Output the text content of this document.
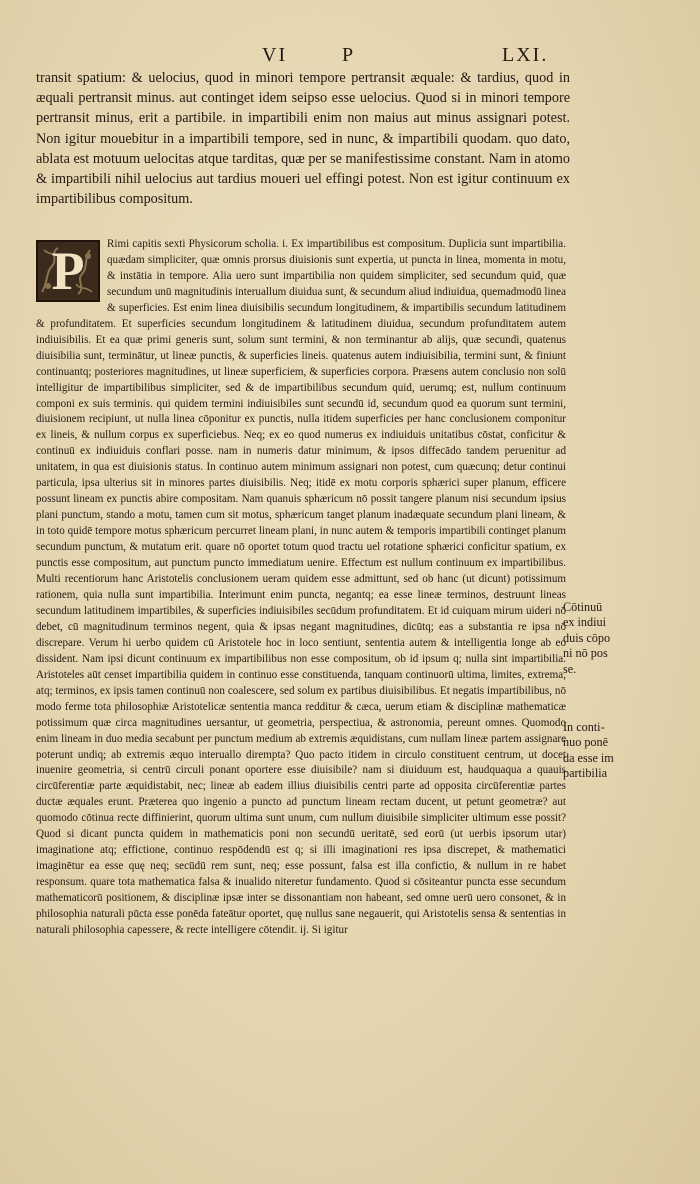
VI	P	LXI.

transit spatium: & uelocius, quod in minori tempore pertransit æquale: & tardius, quod in æquali pertransit minus. aut continget idem seipso esse uelocius. Quod si in minori tempore pertransit minus, erit a partibile. in impartibili enim non maius aut minus assignari potest. Non igitur mouebitur in a impartibili tempore, sed in nunc, & impartibili quodam. quo dato, ablata est motuum uelocitas atque tarditas, quæ per se manifestissime constant. Nam in atomo & impartibili nihil uelocius aut tardius moueri uel effingi potest. Non est igitur continuum ex impartibilibus compositum.

P	Rimi capitis sexti Physicorum scholia. i. Ex impartibilibus est compositum. Duplicia sunt impartibilia. quædam simpliciter, quæ omnis prorsus diuisionis sunt expertia, ut puncta in linea, momenta in motu, & instātia in tempore. Alia uero sunt impartibilia non quidem simpliciter, sed secundum quid, quæ secundum unū magnitudinis interuallum diuidua sunt, & secundum aliud indiuidua, quemadmodū linea & superficies. Est enim linea diuisibilis secundum longitudinem, & impartibilis secundum latitudinem & profunditatem. Et superficies secundum longitudinem & latitudinem diuidua, secundum profunditatem autem indiuisibilis. Et ea quæ primi generis sunt, solum sunt termini, & non terminantur ab alijs, quæ secundi, quatenus diuisibilia sunt, terminātur, ut lineæ punctis, & superficies lineis. quatenus autem indiuisibilia, termini sunt, & finiunt continuantq; posteriores magnitudines, ut lineæ superficiem, & superficies corpora. Præsens autem conclusio non solū intelligitur de impartibilibus simpliciter, sed & de impartibilibus secundum quid, uerumq; est, nullum continuum componi ex suis terminis. qui quidem termini indiuisibiles sunt secundū id, secundum quod ea quorum sunt termini, diuisionem recipiunt, ut nulla linea cōponitur ex punctis, nulla itidem superficies per hanc conclusionem componitur ex lineis, & nullum corpus ex superficiebus. Neq; ex eo quod numerus ex indiuiduis unitatibus cōstat, conficitur & continuū ex indiuiduis conflari posse. nam in numeris datur minimum, & ipsos diffecādo tandem peruenitur ad unitatem, in qua est diuisionis status. In continuo autem minimum assignari non potest, cum quæcunq; detur continui particula, ipsa ulterius sit in minores partes diuisibilis. Neq; itidē ex motu corporis sphærici super planum, efficere possunt lineam ex punctis abire compositam. Nam quanuis sphæricum nō possit tangere planum nisi secundum ipsius plani punctum, stando a motu, tamen cum sit motus, sphæricum tanget planum inadæquate secundum plani lineam, & in toto quidē tempore motus sphæricum percurret lineam plani, in nunc autem & temporis impartibili continget planum secundum punctum, & mutatum erit. quare nō oportet totum quod tractu uel rotatione sphærici conficitur spatium, ex punctis esse compositum, aut punctum puncto immediatum uenire. Effectum est nullum continuum ex impartibilibus. Multi recentiorum hanc Aristotelis conclusionem ueram quidem esse admittunt, sed ob hanc (ut dicunt) potissimum rationem, quia nulla sunt impartibilia. Interimunt enim puncta, negantq; ea esse lineæ terminos, destruunt lineas secundum latitudinem impartibiles, & superficies indiuisibiles secūdum profunditatem. Et id cuiquam mirum uideri nō debet, cū magnitudinum terminos negent, quia & ipsas negant magnitudines, dicūtq; eas a substantia re ipsa nō discrepare. Verum hi uerbo quidem cū Aristotele hoc in loco sentiunt, sententia autem & intelligentia longe ab eo dissident. Nam ipsi dicunt continuum ex impartibilibus non esse compositum, ob id ipsum q; nulla sint impartibilia. Aristoteles aūt censet impartibilia quidem in continuo esse constituenda, tanquam continuorū ultima, limites, extrema, atq; terminos, ex ipsis tamen continuū non coalescere, sed solum ex partibus diuisibilibus. Et negatis impartibilibus, nō modo ferme tota philosophiæ Aristotelicæ sententia manca redditur & cæca, uerum etiam & disciplinæ mathematicæ potissimum quæ circa magnitudines uersantur, ut geometria, perspectiua, & astronomia, pereunt omnes. Quomodo enim lineam in duo media secabunt per punctum medium ab extremis æquidistans, cum nullam lineæ partem assignare poterunt undiq; ab extremis æquo interuallo dirempta? Quo pacto itidem in circulo constituent centrum, ut docet inuenire geometria, si centrū circuli ponant oportere esse diuisibile? nam si diuiduum est, haudquaqua a quauis circūferentiæ parte æquidistabit, nec; lineæ ab eadem illius diuisibilis centri parte ad opposita circūferentiæ partes ductæ æquales erunt. Præterea quo ingenio a puncto ad punctum lineam rectam ducent, ut petunt geometræ? aut quomodo cōtinua recte diffinierint, quorum ultima sunt unum, cum nullum diuisibile simpliciter ultimum esse possit? Quod si dicant puncta quidem in mathematicis poni non secundū ueritatē, sed eorū (ut uerbis ipsorum utar) imaginatione atq; effictione, continuo respōdendū est q; si illi imaginationi res ipsa discrepet, & mathematici imaginētur ea esse quę neq; secūdū rem sunt, neq; esse possunt, falsa est illa confictio, & nullum in re habet responsum. quare tota mathematica falsa & inualido niteretur fundamento. Quod si cōsiteantur puncta esse secundum mathematicorū positionem, & disciplinæ ipsæ inter se dissonantiam non habeant, sed omne uerū uero consonet, & in philosophia naturali pūcta esse ponēda fateātur oportet, quę nullus sane negauerit, qui Aristotelis sensa & sententias in naturali philosophia capessere, & recte intelligere cōtendit. ij. Si igitur

Cōtinuū
ex indiui
duis cōpo
ni nō pos
se.

In conti-
nuo ponē
da esse im
partibilia
